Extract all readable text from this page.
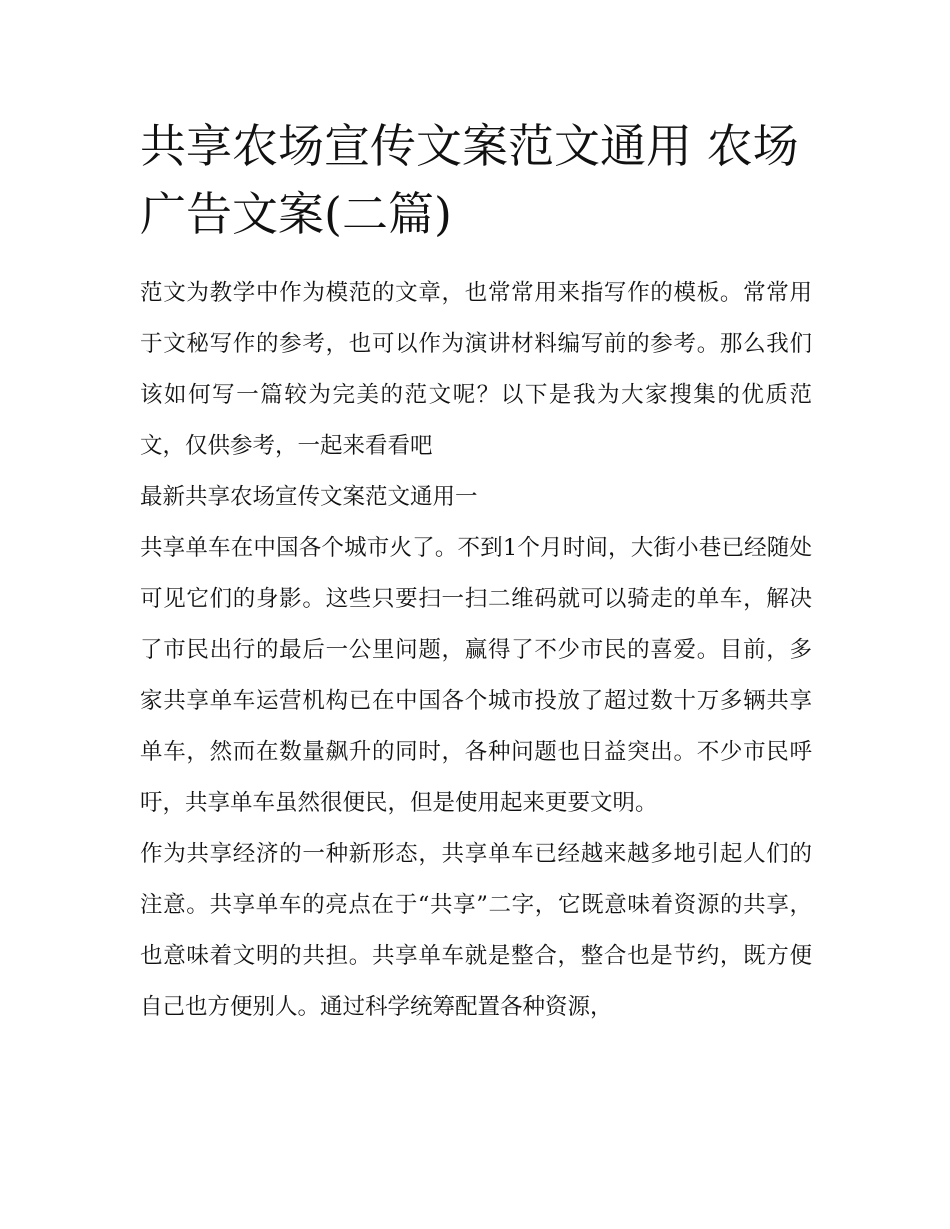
共享农场宣传文案范文通用 农场广告文案(二篇)

范文为教学中作为模范的文章，也常常用来指写作的模板。常常用于文秘写作的参考，也可以作为演讲材料编写前的参考。那么我们该如何写一篇较为完美的范文呢？以下是我为大家搜集的优质范文，仅供参考，一起来看看吧

最新共享农场宣传文案范文通用一

共享单车在中国各个城市火了。不到1个月时间，大街小巷已经随处可见它们的身影。这些只要扫一扫二维码就可以骑走的单车，解决了市民出行的最后一公里问题，赢得了不少市民的喜爱。目前，多家共享单车运营机构已在中国各个城市投放了超过数十万多辆共享单车，然而在数量飙升的同时，各种问题也日益突出。不少市民呼吁，共享单车虽然很便民，但是使用起来更要文明。

作为共享经济的一种新形态，共享单车已经越来越多地引起人们的注意。共享单车的亮点在于“共享”二字，它既意味着资源的共享，也意味着文明的共担。共享单车就是整合，整合也是节约，既方便自己也方便别人。通过科学统筹配置各种资源，
